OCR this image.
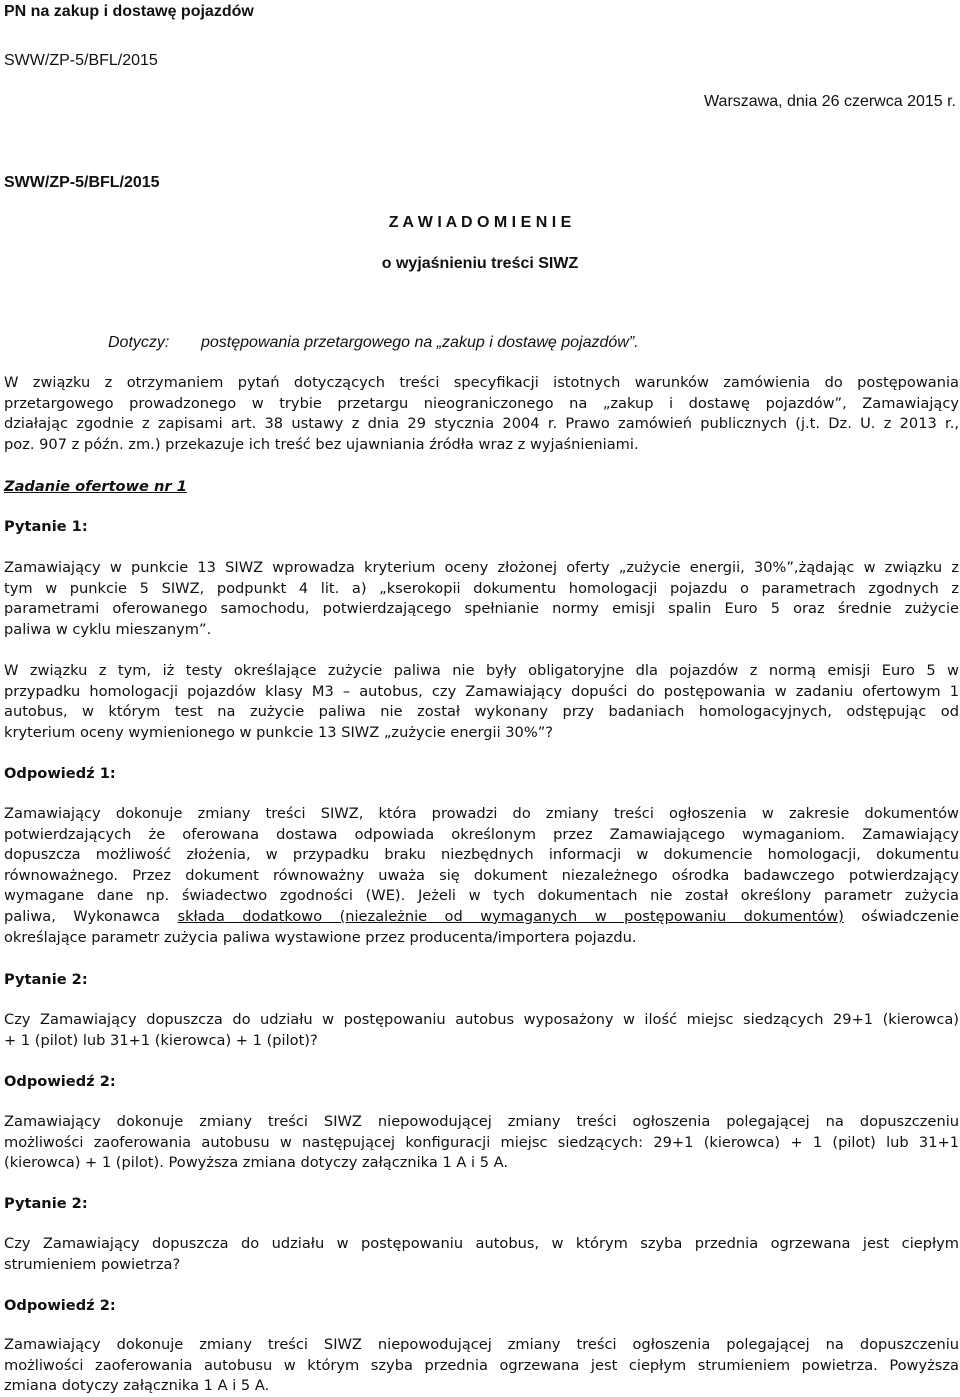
PN na zakup i dostawę pojazdów
SWW/ZP-5/BFL/2015
Warszawa, dnia 26 czerwca 2015 r.
SWW/ZP-5/BFL/2015
Z A W I A D O M I E N I E
o wyjaśnieniu treści SIWZ
Dotyczy: postępowania przetargowego na „zakup i dostawę pojazdów”.
W związku z otrzymaniem pytań dotyczących treści specyfikacji istotnych warunków zamówienia do postępowania
przetargowego prowadzonego w trybie przetargu nieograniczonego na „zakup i dostawę pojazdów”, Zamawiający
działając zgodnie z zapisami art. 38 ustawy z dnia 29 stycznia 2004 r. Prawo zamówień publicznych (j.t. Dz. U. z 2013 r.,
poz. 907 z późn. zm.) przekazuje ich treść bez ujawniania źródła wraz z wyjaśnieniami.
Zadanie ofertowe nr 1
Pytanie 1:
Zamawiający w punkcie 13 SIWZ wprowadza kryterium oceny złożonej oferty „zużycie energii, 30%”,żądając w związku z
tym w punkcie 5 SIWZ, podpunkt 4 lit. a) „kserokopii dokumentu homologacji pojazdu o parametrach zgodnych z
parametrami oferowanego samochodu, potwierdzającego spełnianie normy emisji spalin Euro 5 oraz średnie zużycie
paliwa w cyklu mieszanym”.
W związku z tym, iż testy określające zużycie paliwa nie były obligatoryjne dla pojazdów z normą emisji Euro 5 w
przypadku homologacji pojazdów klasy M3 – autobus, czy Zamawiający dopuści do postępowania w zadaniu ofertowym 1
autobus, w którym test na zużycie paliwa nie został wykonany przy badaniach homologacyjnych, odstępując od
kryterium oceny wymienionego w punkcie 13 SIWZ „zużycie energii 30%”?
Odpowiedź 1:
Zamawiający dokonuje zmiany treści SIWZ, która prowadzi do zmiany treści ogłoszenia w zakresie dokumentów
potwierdzających że oferowana dostawa odpowiada określonym przez Zamawiającego wymaganiom. Zamawiający
dopuszcza możliwość złożenia, w przypadku braku niezbędnych informacji w dokumencie homologacji, dokumentu
równoważnego. Przez dokument równoważny uważa się dokument niezależnego ośrodka badawczego potwierdzający
wymagane dane np. świadectwo zgodności (WE). Jeżeli w tych dokumentach nie został określony parametr zużycia
paliwa, Wykonawca składa dodatkowo (niezależnie od wymaganych w postępowaniu dokumentów) oświadczenie
określające parametr zużycia paliwa wystawione przez producenta/importera pojazdu.
Pytanie 2:
Czy Zamawiający dopuszcza do udziału w postępowaniu autobus wyposażony w ilość miejsc siedzących 29+1 (kierowca)
+ 1 (pilot) lub 31+1 (kierowca) + 1 (pilot)?
Odpowiedź 2:
Zamawiający dokonuje zmiany treści SIWZ niepowodującej zmiany treści ogłoszenia polegającej na dopuszczeniu
możliwości zaoferowania autobusu w następującej konfiguracji miejsc siedzących: 29+1 (kierowca) + 1 (pilot) lub 31+1
(kierowca) + 1 (pilot). Powyższa zmiana dotyczy załącznika 1 A i 5 A.
Pytanie 2:
Czy Zamawiający dopuszcza do udziału w postępowaniu autobus, w którym szyba przednia ogrzewana jest ciepłym
strumieniem powietrza?
Odpowiedź 2:
Zamawiający dokonuje zmiany treści SIWZ niepowodującej zmiany treści ogłoszenia polegającej na dopuszczeniu
możliwości zaoferowania autobusu w którym szyba przednia ogrzewana jest ciepłym strumieniem powietrza. Powyższa
zmiana dotyczy załącznika 1 A i 5 A.
